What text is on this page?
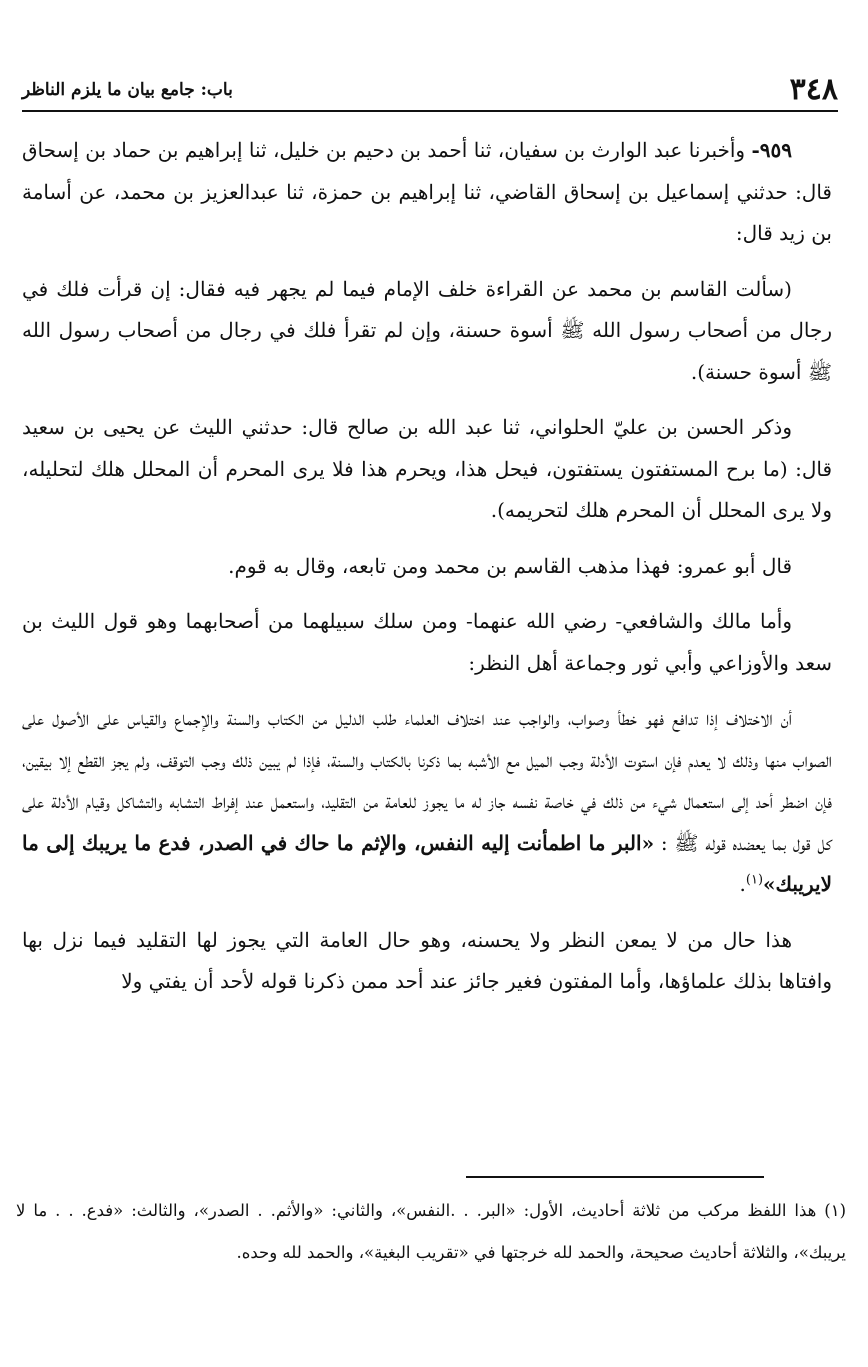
٣٤٨
باب: جامع بيان ما يلزم الناظر

٩٥٩- وأخبرنا عبد الوارث بن سفيان، ثنا أحمد بن دحيم بن خليل، ثنا إبراهيم بن حماد بن إسحاق قال: حدثني إسماعيل بن إسحاق القاضي، ثنا إبراهيم بن حمزة، ثنا عبدالعزيز بن محمد، عن أسامة بن زيد قال:

(سألت القاسم بن محمد عن القراءة خلف الإمام فيما لم يجهر فيه فقال: إن قرأت فلك في رجال من أصحاب رسول الله ﷺ أسوة حسنة، وإن لم تقرأ فلك في رجال من أصحاب رسول الله ﷺ أسوة حسنة).

وذكر الحسن بن عليّ الحلواني، ثنا عبد الله بن صالح قال: حدثني الليث عن يحيى بن سعيد قال: (ما برح المستفتون يستفتون، فيحل هذا، ويحرم هذا فلا يرى المحرم أن المحلل هلك لتحليله، ولا يرى المحلل أن المحرم هلك لتحريمه).

قال أبو عمرو: فهذا مذهب القاسم بن محمد ومن تابعه، وقال به قوم.

وأما مالك والشافعي- رضي الله عنهما- ومن سلك سبيلهما من أصحابهما وهو قول الليث بن سعد والأوزاعي وأبي ثور وجماعة أهل النظر:

أن الاختلاف إذا تدافع فهو خطأ وصواب، والواجب عند اختلاف العلماء طلب الدليل من الكتاب والسنة والإجماع والقياس على الأصول على الصواب منها وذلك لا يعدم فإن استوت الأدلة وجب الميل مع الأشبه بما ذكرنا بالكتاب والسنة، فإذا لم يبين ذلك وجب التوقف، ولم يجز القطع إلا بيقين، فإن اضطر أحد إلى استعمال شيء من ذلك في خاصة نفسه جاز له ما يجوز للعامة من التقليد، واستعمل عند إفراط التشابه والتشاكل وقيام الأدلة على كل قول بما يعضده قوله ﷺ : «البر ما اطمأنت إليه النفس، والإثم ما حاك في الصدر، فدع ما يريبك إلى ما لايريبك»$^{(١)}$.

هذا حال من لا يمعن النظر ولا يحسنه، وهو حال العامة التي يجوز لها التقليد فيما نزل بها وافتاها بذلك علماؤها، وأما المفتون فغير جائز عند أحد ممن ذكرنا قوله لأحد أن يفتي ولا

(١) هذا اللفظ مركب من ثلاثة أحاديث، الأول: «البر. . .النفس»، والثاني: «والأثم. . الصدر»، والثالث: «فدع. . . ما لا يريبك»، والثلاثة أحاديث صحيحة، والحمد لله خرجتها في «تقريب البغية»، والحمد لله وحده.
